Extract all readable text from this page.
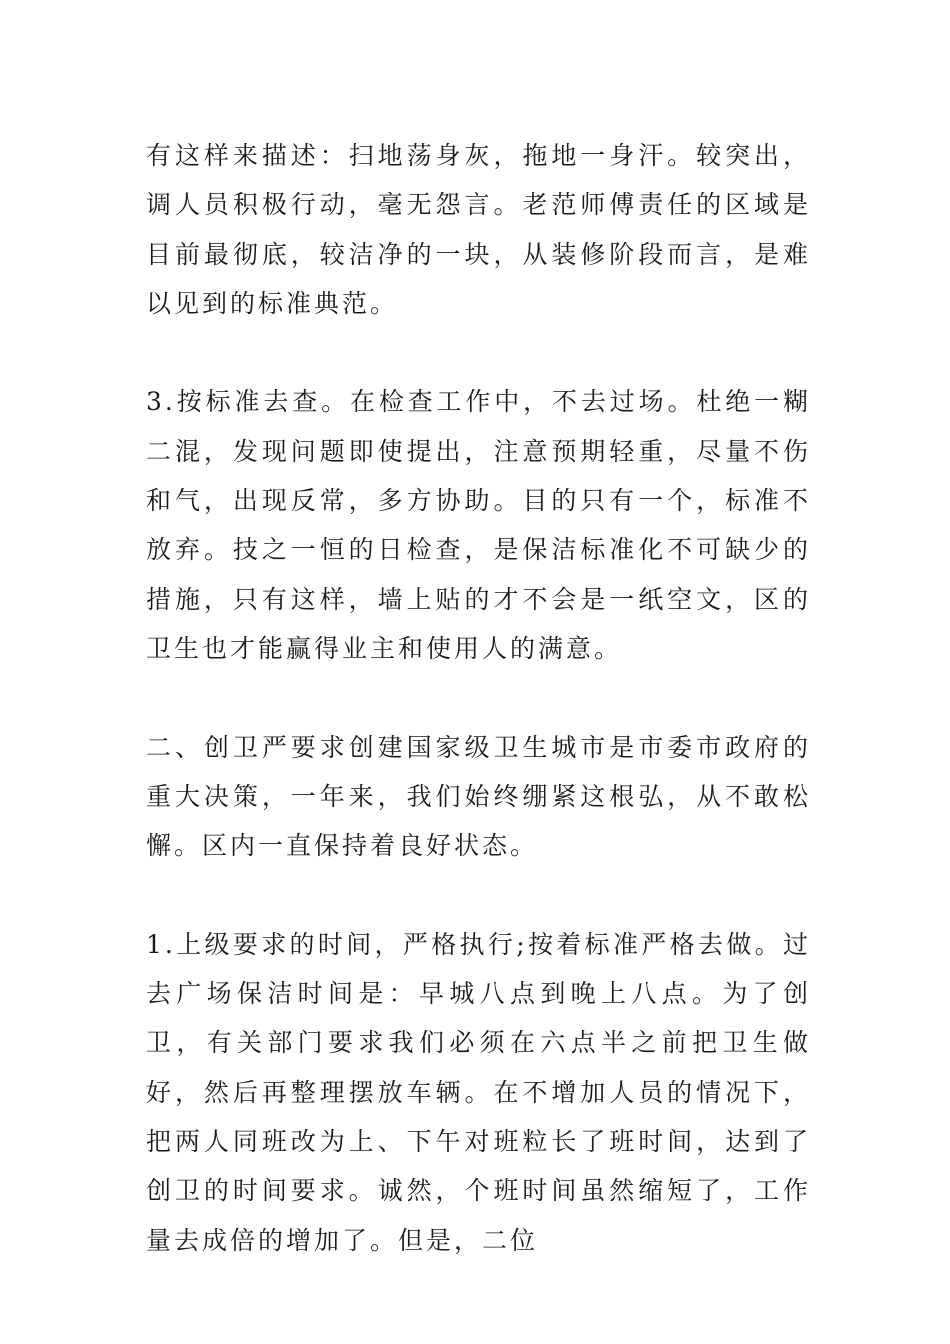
有这样来描述：扫地荡身灰，拖地一身汗。较突出，调人员积极行动，毫无怨言。老范师傅责任的区域是目前最彻底，较洁净的一块，从装修阶段而言，是难以见到的标准典范。

3.按标准去查。在检查工作中，不去过场。杜绝一糊二混，发现问题即使提出，注意预期轻重，尽量不伤和气，出现反常，多方协助。目的只有一个，标准不放弃。技之一恒的日检查，是保洁标准化不可缺少的措施，只有这样，墙上贴的才不会是一纸空文，区的卫生也才能赢得业主和使用人的满意。

二、创卫严要求创建国家级卫生城市是市委市政府的重大决策，一年来，我们始终绷紧这根弘，从不敢松懈。区内一直保持着良好状态。

1.上级要求的时间，严格执行;按着标准严格去做。过去广场保洁时间是：早城八点到晚上八点。为了创卫，有关部门要求我们必须在六点半之前把卫生做好，然后再整理摆放车辆。在不增加人员的情况下，把两人同班改为上、下午对班粒长了班时间，达到了创卫的时间要求。诚然，个班时间虽然缩短了，工作量去成倍的增加了。但是，二位
